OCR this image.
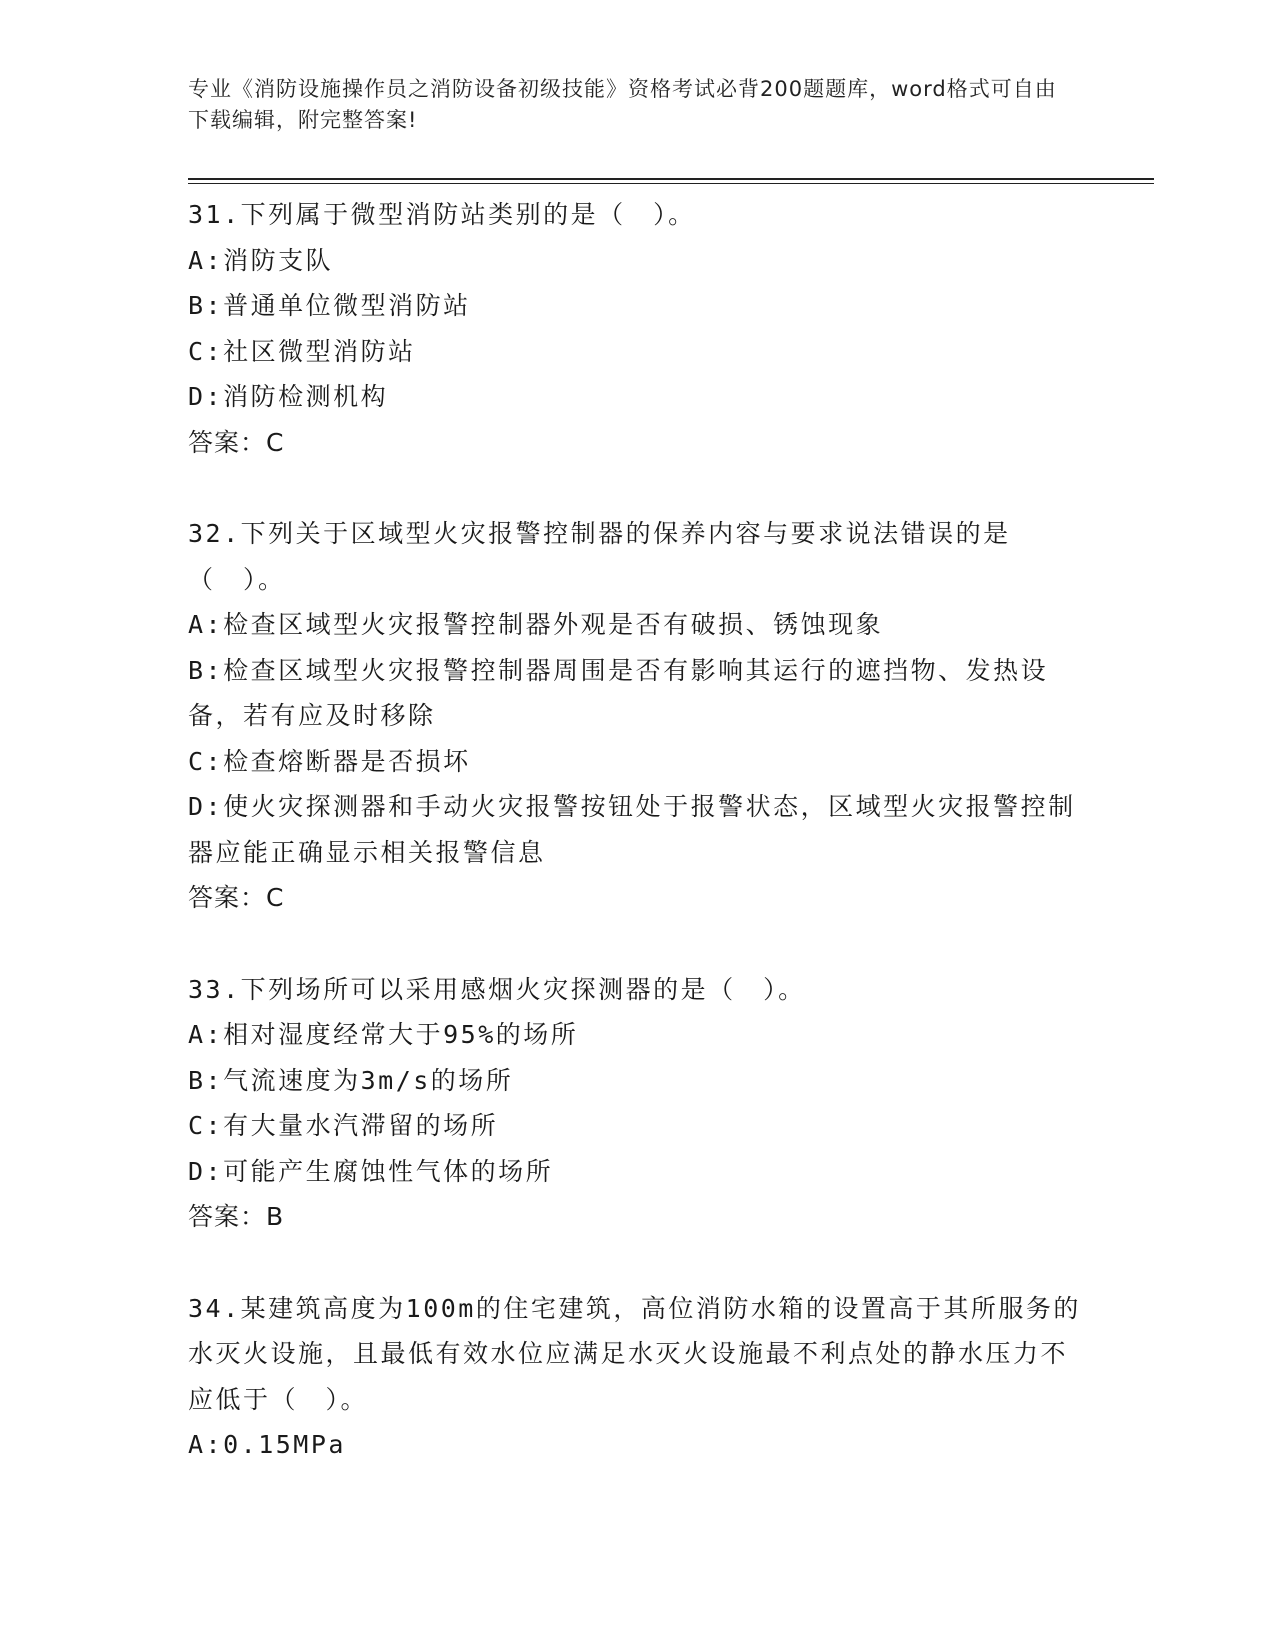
专业《消防设施操作员之消防设备初级技能》资格考试必背200题题库，word格式可自由下载编辑，附完整答案!
31.下列属于微型消防站类别的是（　）。
A:消防支队
B:普通单位微型消防站
C:社区微型消防站
D:消防检测机构
答案：C
32.下列关于区域型火灾报警控制器的保养内容与要求说法错误的是（　）。
A:检查区域型火灾报警控制器外观是否有破损、锈蚀现象
B:检查区域型火灾报警控制器周围是否有影响其运行的遮挡物、发热设备，若有应及时移除
C:检查熔断器是否损坏
D:使火灾探测器和手动火灾报警按钮处于报警状态，区域型火灾报警控制器应能正确显示相关报警信息
答案：C
33.下列场所可以采用感烟火灾探测器的是（　）。
A:相对湿度经常大于95%的场所
B:气流速度为3m/s的场所
C:有大量水汽滞留的场所
D:可能产生腐蚀性气体的场所
答案：B
34.某建筑高度为100m的住宅建筑，高位消防水箱的设置高于其所服务的水灭火设施，且最低有效水位应满足水灭火设施最不利点处的静水压力不应低于（　）。
A:0.15MPa
